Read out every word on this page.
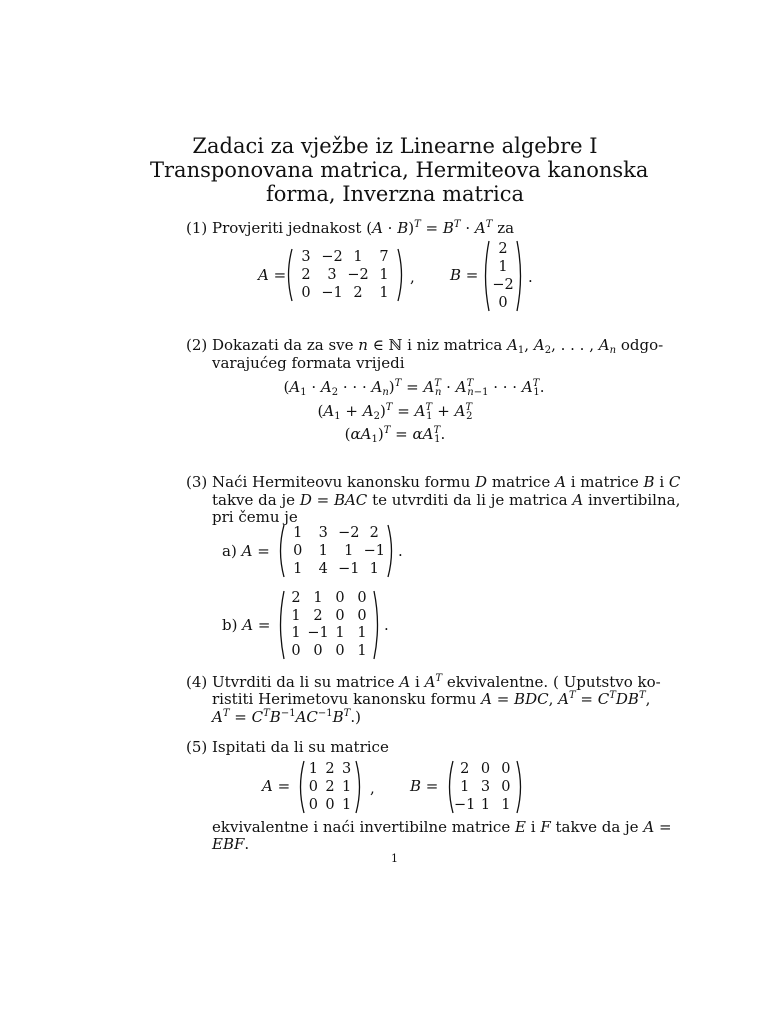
Zadaci za vježbe iz Linearne algebre I
Transponovana matrica, Hermiteova kanonska
forma, Inverzna matrica
(1) Provjeriti jednakost $(A \cdot B)^T = B^T \cdot A^T$ za
A =
3 −2 1	7
2	3 −2 1
0 −1 2	1
, B =
2
1
−2
0
.
(2) Dokazati da za sve n ∈ ℕ i niz matrica $A_1$, $A_2$, . . . , $A_n$ odgo-
varajućeg formata vrijedi
($A_1 \cdot A_2$ · · · $A_n)^T = A^T_n \cdot A^T_{n-1}$ · · · $A^T_1$.
$(A_1 + A_2)^T = A^T_1 + A^T_2$
$(\alpha A_1)^T = \alpha A^T_1$.
(3) Naći Hermiteovu kanonsku formu D matrice A i matrice B i C
takve da je D = BAC te utvrditi da li je matrica A invertibilna,
pri čemu je
a) A =
1	3 −2 2
0	1	1 −1
1	4 −1 1
.
b) A =
2 1 0 0
1 2 0 0
1 −1 1 1
0 0 0 1
.
(4) Utvrditi da li su matrice A i $A^T$ ekvivalentne. ( Uputstvo ko-
ristiti Herimetovu kanonsku formu A = BDC, $A^T = C^TDB^T$,
$A^T = C^TB^{-1}AC^{-1}B^T$.)
(5) Ispitati da li su matrice
A =
1 2 3
0 2 1
0 0 1
, B =
2 0 0
1 3 0
−1 1 1
ekvivalentne i naći invertibilne matrice E i F takve da je A =
EBF.
1
